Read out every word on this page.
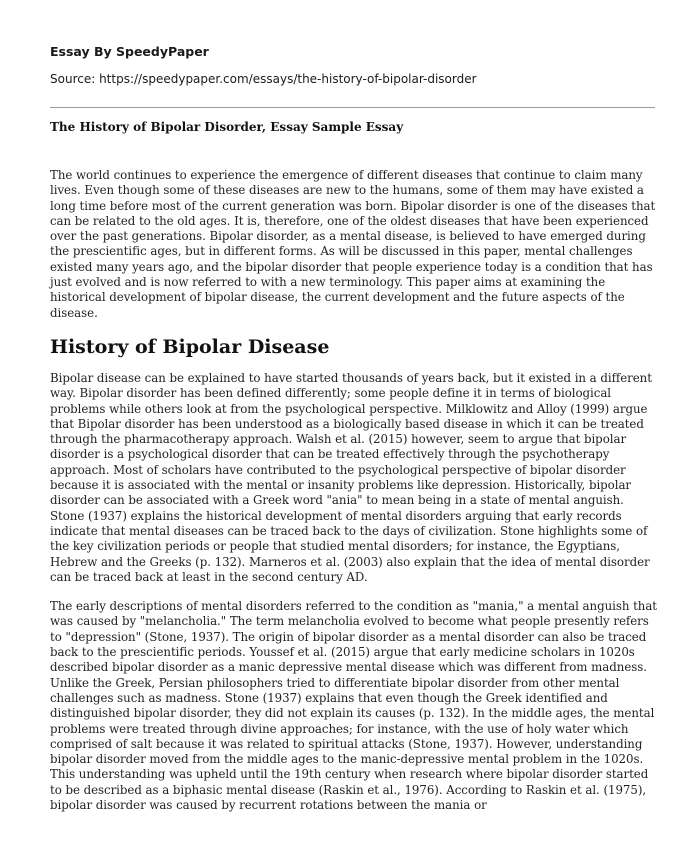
Essay By SpeedyPaper

Source: https://speedypaper.com/essays/the-history-of-bipolar-disorder

The History of Bipolar Disorder, Essay Sample Essay

The world continues to experience the emergence of different diseases that continue to claim many lives. Even though some of these diseases are new to the humans, some of them may have existed a long time before most of the current generation was born. Bipolar disorder is one of the diseases that can be related to the old ages. It is, therefore, one of the oldest diseases that have been experienced over the past generations. Bipolar disorder, as a mental disease, is believed to have emerged during the prescientific ages, but in different forms. As will be discussed in this paper, mental challenges existed many years ago, and the bipolar disorder that people experience today is a condition that has just evolved and is now referred to with a new terminology. This paper aims at examining the historical development of bipolar disease, the current development and the future aspects of the disease.

History of Bipolar Disease

Bipolar disease can be explained to have started thousands of years back, but it existed in a different way. Bipolar disorder has been defined differently; some people define it in terms of biological problems while others look at from the psychological perspective. Milklowitz and Alloy (1999) argue that Bipolar disorder has been understood as a biologically based disease in which it can be treated through the pharmacotherapy approach. Walsh et al. (2015) however, seem to argue that bipolar disorder is a psychological disorder that can be treated effectively through the psychotherapy approach. Most of scholars have contributed to the psychological perspective of bipolar disorder because it is associated with the mental or insanity problems like depression. Historically, bipolar disorder can be associated with a Greek word "ania" to mean being in a state of mental anguish. Stone (1937) explains the historical development of mental disorders arguing that early records indicate that mental diseases can be traced back to the days of civilization. Stone highlights some of the key civilization periods or people that studied mental disorders; for instance, the Egyptians, Hebrew and the Greeks (p. 132). Marneros et al. (2003) also explain that the idea of mental disorder can be traced back at least in the second century AD.

The early descriptions of mental disorders referred to the condition as "mania," a mental anguish that was caused by "melancholia." The term melancholia evolved to become what people presently refers to "depression" (Stone, 1937). The origin of bipolar disorder as a mental disorder can also be traced back to the prescientific periods. Youssef et al. (2015) argue that early medicine scholars in 1020s described bipolar disorder as a manic depressive mental disease which was different from madness. Unlike the Greek, Persian philosophers tried to differentiate bipolar disorder from other mental challenges such as madness. Stone (1937) explains that even though the Greek identified and distinguished bipolar disorder, they did not explain its causes (p. 132). In the middle ages, the mental problems were treated through divine approaches; for instance, with the use of holy water which comprised of salt because it was related to spiritual attacks (Stone, 1937). However, understanding bipolar disorder moved from the middle ages to the manic-depressive mental problem in the 1020s. This understanding was upheld until the 19th century when research where bipolar disorder started to be described as a biphasic mental disease (Raskin et al., 1976). According to Raskin et al. (1975), bipolar disorder was caused by recurrent rotations between the mania or
